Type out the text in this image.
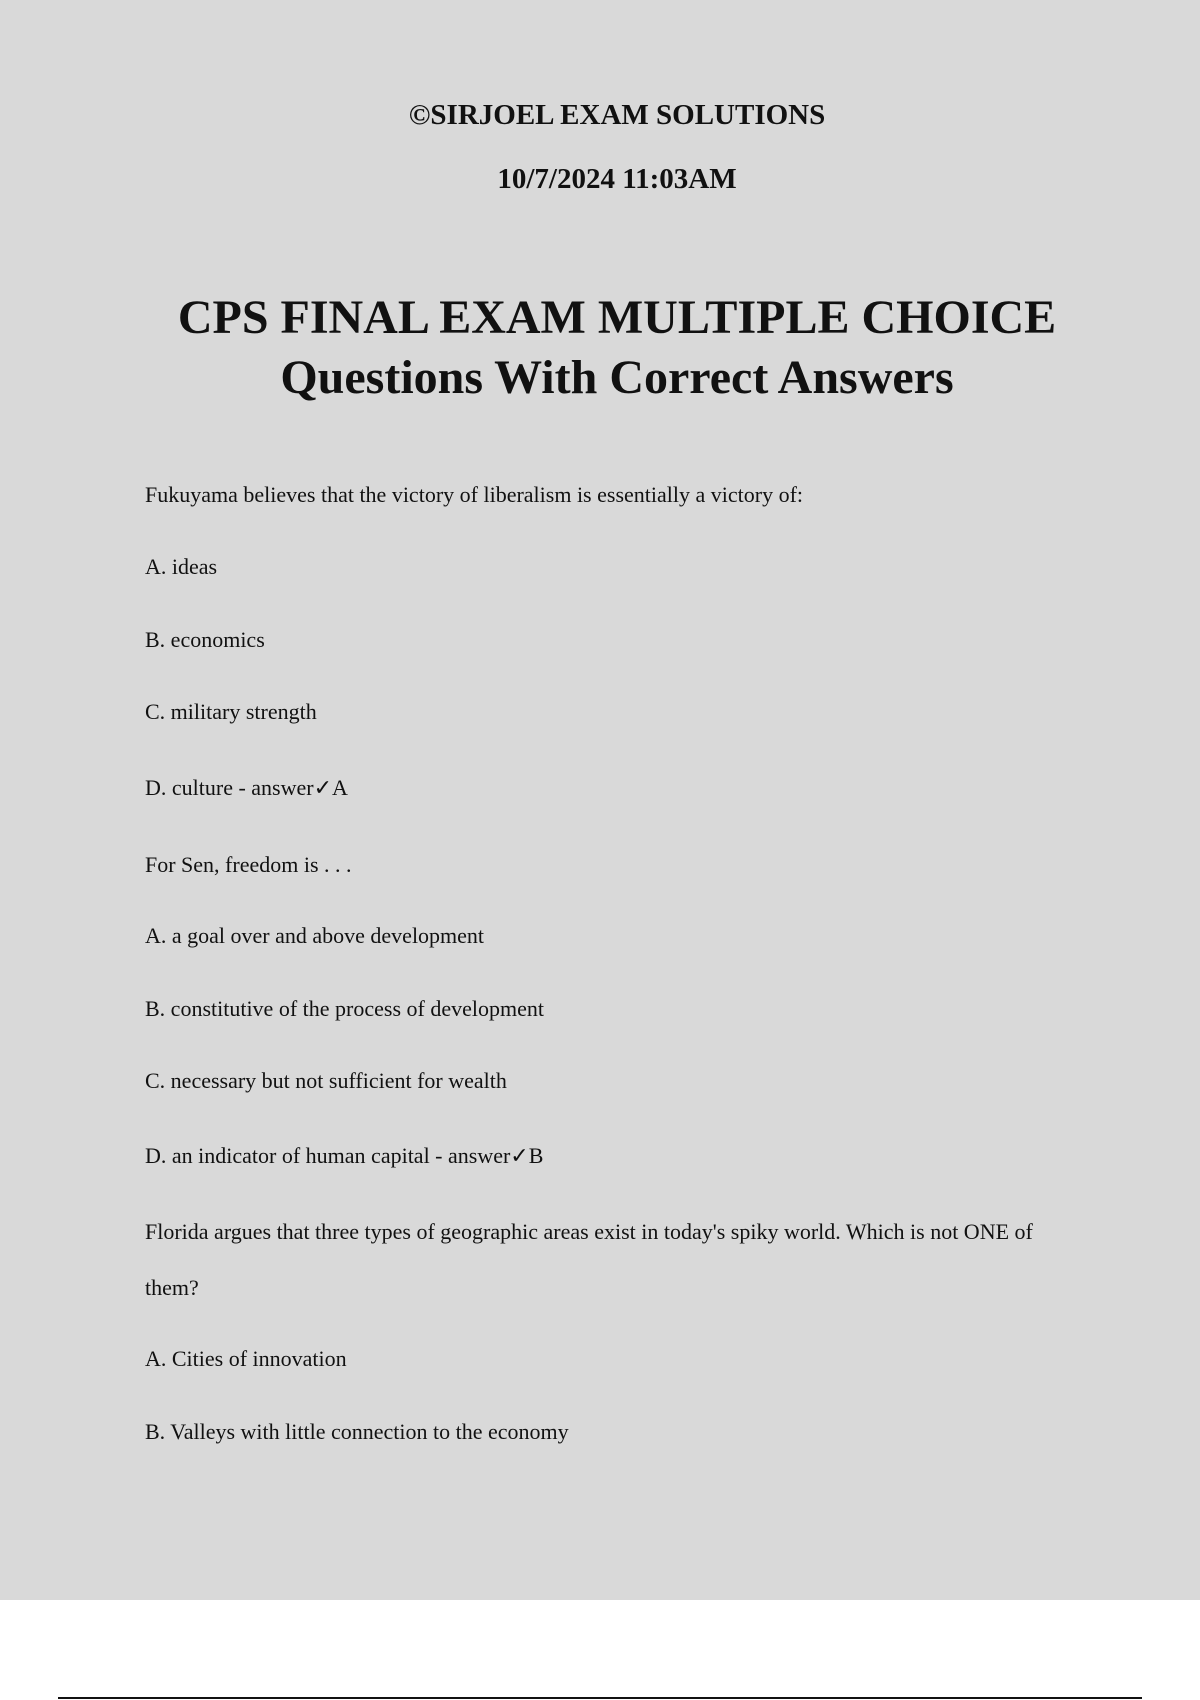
©SIRJOEL EXAM SOLUTIONS
10/7/2024 11:03AM
CPS FINAL EXAM MULTIPLE CHOICE
Questions With Correct Answers

Fukuyama believes that the victory of liberalism is essentially a victory of:

A. ideas

B. economics

C. military strength

D. culture - answer✓A

For Sen, freedom is . . .

A. a goal over and above development

B. constitutive of the process of development

C. necessary but not sufficient for wealth

D. an indicator of human capital - answer✓B

Florida argues that three types of geographic areas exist in today's spiky world. Which is not ONE of them?

A. Cities of innovation

B. Valleys with little connection to the economy
